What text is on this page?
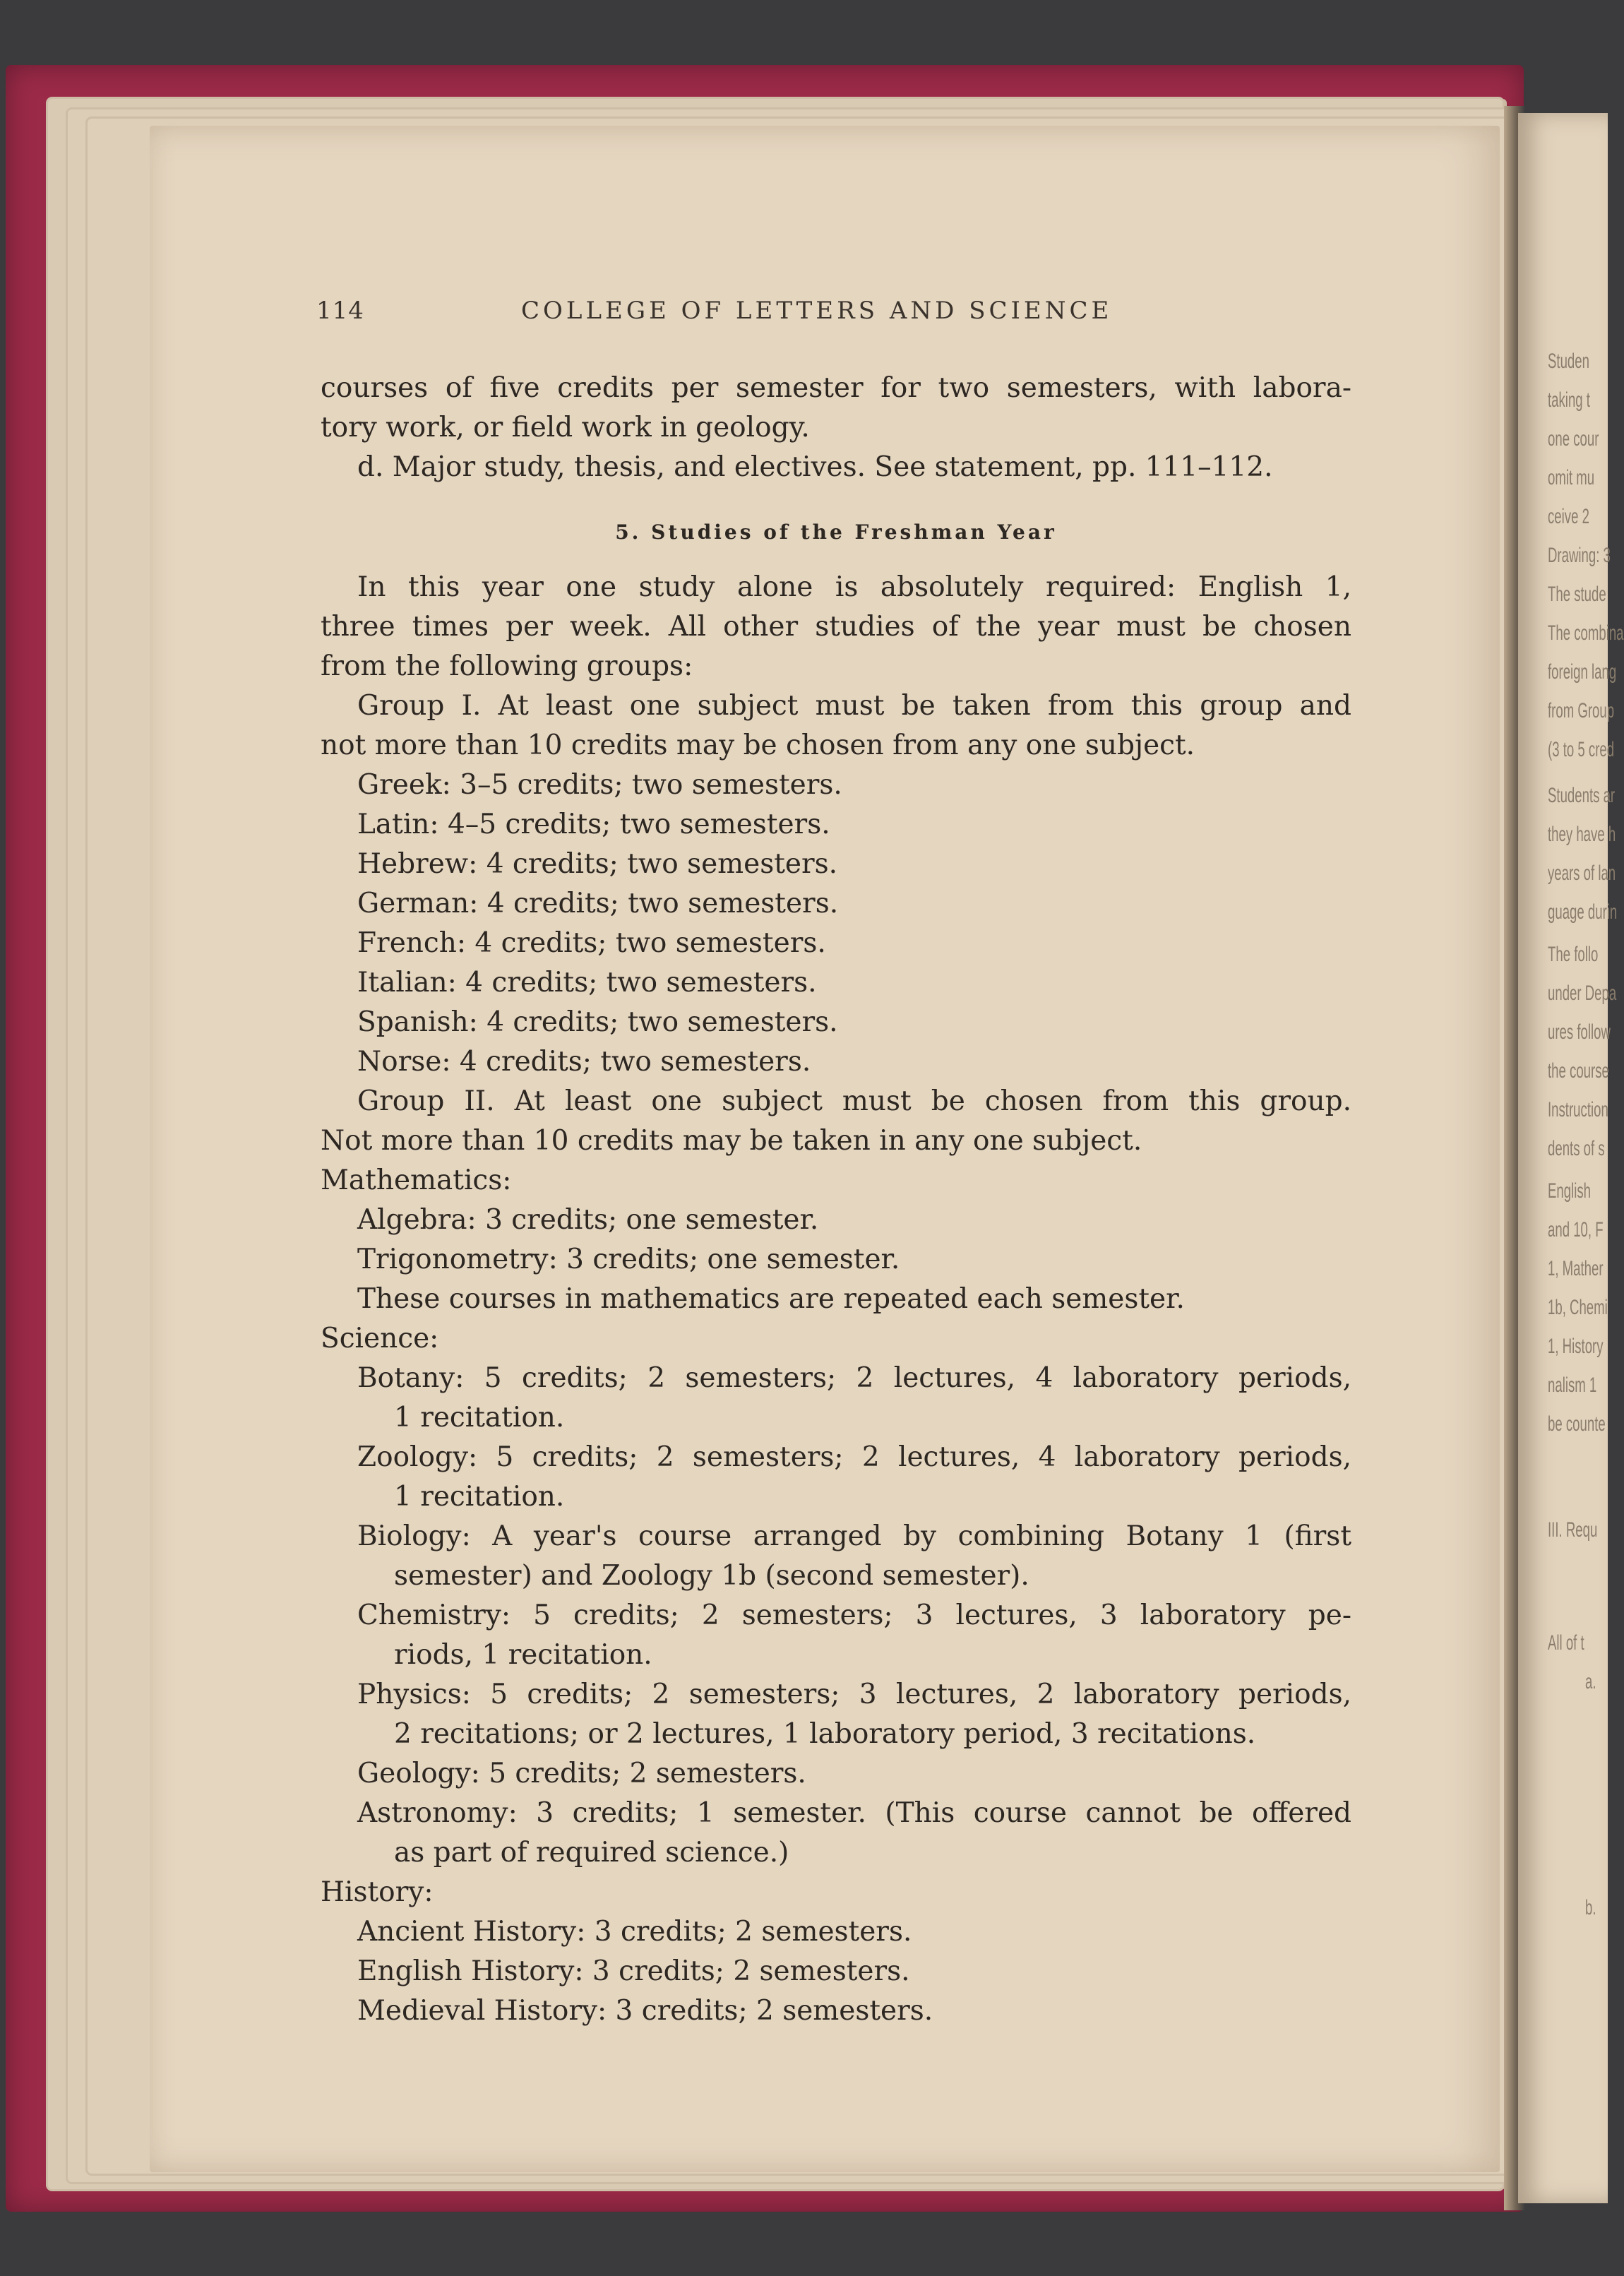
Studen
taking t
one cour
omit mu
ceive 2
Drawing: 3
The stude
The combina
foreign lang
from Group
(3 to 5 cred
Students ar
they have h
years of lan
guage durin
The follo
under Depa
ures follow
the course
Instruction
dents of s
English
and 10, F
1, Mather
1b, Chemi
1, History
nalism 1
be counte
III. Requ
All of t
a.
b.
114	COLLEGE OF LETTERS AND SCIENCE
courses of five credits per semester for two semesters, with labora-
tory work, or field work in geology.
d. Major study, thesis, and electives. See statement, pp. 111–112.
5. Studies of the Freshman Year
In this year one study alone is absolutely required: English 1,
three times per week. All other studies of the year must be chosen
from the following groups:
Group I. At least one subject must be taken from this group and
not more than 10 credits may be chosen from any one subject.
Greek: 3–5 credits; two semesters.
Latin: 4–5 credits; two semesters.
Hebrew: 4 credits; two semesters.
German: 4 credits; two semesters.
French: 4 credits; two semesters.
Italian: 4 credits; two semesters.
Spanish: 4 credits; two semesters.
Norse: 4 credits; two semesters.
Group II. At least one subject must be chosen from this group.
Not more than 10 credits may be taken in any one subject.
Mathematics:
Algebra: 3 credits; one semester.
Trigonometry: 3 credits; one semester.
These courses in mathematics are repeated each semester.
Science:
Botany: 5 credits; 2 semesters; 2 lectures, 4 laboratory periods,
1 recitation.
Zoology: 5 credits; 2 semesters; 2 lectures, 4 laboratory periods,
1 recitation.
Biology: A year's course arranged by combining Botany 1 (first
semester) and Zoology 1b (second semester).
Chemistry: 5 credits; 2 semesters; 3 lectures, 3 laboratory pe-
riods, 1 recitation.
Physics: 5 credits; 2 semesters; 3 lectures, 2 laboratory periods,
2 recitations; or 2 lectures, 1 laboratory period, 3 recitations.
Geology: 5 credits; 2 semesters.
Astronomy: 3 credits; 1 semester. (This course cannot be offered
as part of required science.)
History:
Ancient History: 3 credits; 2 semesters.
English History: 3 credits; 2 semesters.
Medieval History: 3 credits; 2 semesters.
